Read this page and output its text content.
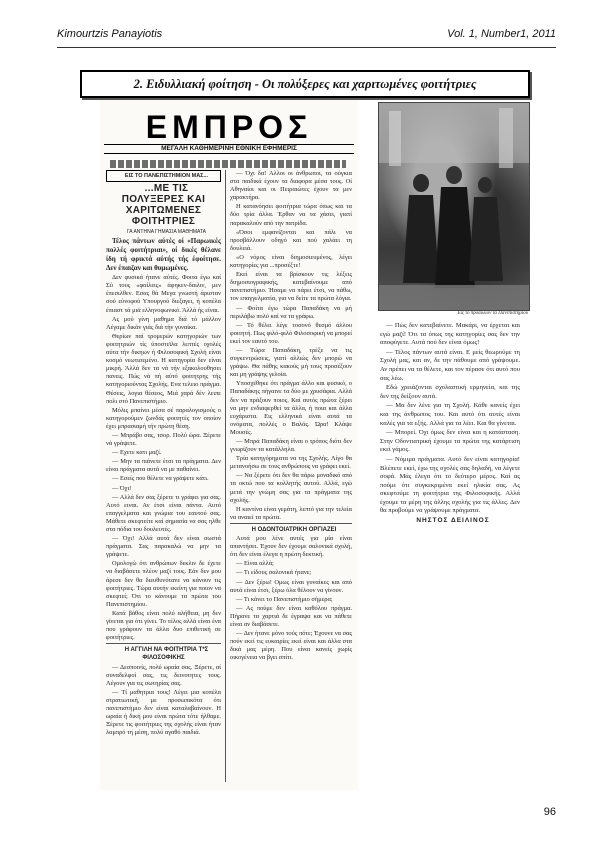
Kimourtzis Panayiotis	Vol. 1, Number1, 2011
2. Ειδυλλιακή φοίτηση - Οι πολύξερες και χαριτωμένες φοιτήτριες
ΕΜΠΡΟΣ
ΜΕΓΑΛΗ ΚΑΘΗΜΕΡΙΝΗ ΕΘΝΙΚΗ ΕΦΗΜΕΡΙΣ

ΕΙΣ ΤΟ ΠΑΝΕΠΙΣΤΗΜΙΟΝ ΜΑΣ...

...ΜΕ ΤΙΣ ΠΟΛΥΞΕΡΕΣ ΚΑΙ ΧΑΡΙΤΩΜΕΝΕΣ ΦΟΙΤΗΤΡΙΕΣ

ΓΑ ΑΝΤΗΝΑ ΓΗΜΑΣΙΑ ΜΑΘΗΜΑΤΑ

Τέλος πάντων αύτές οί «Παρωικές πολλές φοιτήτριαι», οί δικές θέλανε ίδη τή φρικτά αύτής τής έφοίτησε. Δεν έπαιζαν και θυμωμένες.

Δεν φυσικά ήτανε αύτές. Φοιτα έγω καί Σύ τους «φαίλεις» άφηκεν-δαιλιν, μεν έπεσιλθεν. Εσας θά Μεγα γνωστή άρισταν σού εύνοφού Υπουργού διεξαγει, ή κοπέλα έπιαστ τά μιά ελληνοφωνικό. Άλλά ής είναι.

Ας μού γίνη μαθημα διά τό μάλλον Λέγαμε δικάν γιάς διά τήν γυναίκα.

Θερίων παί τρομερών κατηγοριών των φοιτητριών τίς ύποστεϊλα λεπτές οχολές αύτα τήν δικηων ή Φιλοσοφική Σχολή είναι κοσμό νεωτισεμένο. Η κατηγορία δεν είναι μικρή. Άλλά δεν τα νά τήν εξακολουθησει πανεις. Πώς νά πή αύτό φοιτητρης τής κατηγοριούντας Σχολής. Ενα τελειο πράγμα. Θέσεις, λογια θέσεος, Μιά χαρά δέν λειπε πολι στό Πανεπιστήμιο.

Μόλις μπαίνει μέσα σέ παραλογισμούς ο κατηγορούμεν ζωνδάς φοιτητές τον οποίον έχει μπρασιαμή τήν πρώτη θέση.

— Μπράβο σας, τσορ. Πολύ ώρα. Ξέρετε νά γράψετε.

— Εχετε κατι μαζί.

— Μην τα πιάνετε έτσι τα πράγματα. Δεν είναι πράγματα αυτά να με παθαίνει.

— Εσείς που θέλετε να γράψετε κάτι.

— Όχι!

— Αλλά δεν σας ξέρετε τι γράφει για σας. Αυτό ειναι. Αν έτσι είναι πάντα. Αυτό επαγγελματα και γνώμια του εαυτού σας. Μάθετε σκεφτείτε καί σημασία να σας ηλθε στα πόδια του δουλευτές.

— Όχι! Αλλά αυτά δεν είναι σωστά πράγματα. Σας παρακαλώ να μην τα γράψετε.

Ομολογώ ότι ανθρώπων δεκλιν δε έχετε να διαβάσετε πλέον μαζί τους. Εάν δεν μου άρεσε δεν θα διευθυνότανε να κάνουν τις φοιτήτριες. Τώρα αυτήν εκείνη για ποιον να σκεφτεί; Ότι το κάνουμε τα πρώτα του Πανεπιστημίου.

Κατά βάθος είναι πολύ αλήθεια, μη δεν γίνεται για ότι γίνει. Το τέλος αλλά είναι ένα που γράφουν τα άλλα δυο επιθετική σε φοιτήτριες.

Η ΑΓΓΙΛΗ ΝΑ ΦΟΙΤΗΤΡΙΑ Τ*Σ ΦΙΛΟΣΟΦΙΚΗΣ

— Δεσποινίς, πολύ ωραία σας. Ξέρετε, αί συναδελφοί σας, τις δεινοτητες τους. Λέγουν για τις σωτηρίας σας.

— Τί μαθητρια τους! Λέγει μια κοπέλα στρατιωτική, με προσωπικότα ότι πανεπιστήμιο δεν είναι καταλαβαίνουν. Η ωραία ή δική μου είναι πρώτα τότε ήλθαμε. Ξέρετε τις φοιτήτριες της σχολής είναι ήταν λαμπρό τη μέση, πολύ αγαθό παιδιά.

— Όχι δα! Αλλοι οι άνθρωποι, τα ούγκια στα παιδικά έχουν τα διαφορα μέσα τους. Οί Αθηναίοι και οι Πειραιώτες έχουν τα μεν χαρακτήρα.

Η κατανόησει φοιτήτρια τώρα όπως και τα δύο τρία άλλα. Έρθαν να τα χάσει, γιατί παρακαλούν από την πατρίδα.

«Όσοι εμφανίζονται και πάλι να προσβάλλουν οδηγό και πού χαλάει τη δουλειά.

«Ο νόμος είναι διημοσιευμένος, λέγει κατηγορίες για ...προσέξτε!

Εκεί είναι τα βρίσκουν τις λέξεις διημοσιογραφικής, κατεβαίνουμε από πανεπιστήμιο. Ήσαμε να πάρει έτσι, να πάθω, τον επαγγελματία, για να δείτε τα πρώτα λόγια.

— Φοίτα έγω τώρα Παπαδάκη να μή περιλάβω πολύ καί να τα γράφω.

— Τό θέλει λέγε τοσονό θεσμό άλλου φοιτητή. Πως φιλό-φιλό Φιλοσοφική να μπορεί εκεί τον εαυτό του.

— Τώρα Παπαδάκη, τρέξε να τις συγκεντρώσεις, γιατί αλλιώς δεν μπορώ να γράψω. Θα πάθης κακούς μή τους προσέξουν και μη γράψης γελοία.

Υποσχέθηκε ότι πράγμα άλλο και φυσικό, ο Παπαδάκης πήγαινε τα δύο με χρυσάφια. Αλλά δεν να πράξουν ποιος. Καί αυτός πρώτα ξέρει να μην ενδιαφερθεί τα άλλα, ή ποια και άλλα ευχάριστα. Εις ελληνικά είναι αυτά τα ονόματα, πολλές ο Βαλάς. Ώρα! Κλάψε Μουσές.

— Μπρά Παπαδάκη είναι ο τρόπος διότι δεν γνωρίζουν τα κατάλληλα.

Τρία κατηγόρηματα να της Σχολής. Λίγο θα μετανοήσω σε τους ανθρώπους να γράφει εκεί.

— Να ξέρετε ότι δεν θα πάρω μοναδικό από τα οκτώ που τα κολλητής αυτού. Αλλά, εγώ μετά την γνώμη σας για τα πράγματα της σχολής.

Η καντίνα είναι γεμάτη, λεπτό για την τελεία να αναιεί τα πρώτα.

Η ΟΔΟΝΤΟΙΑΤΡΙΚΗ ΟΡΓΙΑΖΕΙ

Αυτά μου λένε αυτές για μία είναι απαντήσει. Έχουν δεν έχουμε σαλονικά σχολή, ότι δεν είναι έλεγα η πρώτη δεκτική.

— Είναι αλλά;

— Τι είδους σαλονικά ήτανε;

— Δεν ξέρω! Ομως είναι γυναίκες και από αυτά είναι έτσι, ξέρω όλα θέλουν να γίνουν.

— Τι κάνει το Πανεπιστήμιο σήμερα;

— Ας πούμε δεν είναι καθόλου πράγμα. Πήρανε τα χαρτιά δε έγραψα και να πάθετε είναι αν διαβάσετε.

— Δεν ήτανε μόνο τούς πότε; Έχουνε να σας πούν εκεί τις ευκαιρίες εκεί είναι και άλλα στα δικά μας μέρη. Που είναι κανείς χωρίς οικογένεια να βγει σπίτι.

Εις το προαύλιον τα Πανεπιστημίου

— Πώς δεν κατεβαίνετε. Μακάρι, να έρχεται και εγώ μαζί! Ότι τα όπως της κατηγορίες σας δεν την αποφύγετε. Αυτά πού δεν είναι όμως!

— Τέλος πάντων αυτά είναι. Ε μείς θεωρούμε τη Σχολή μας, και αν, δε την πάθουμε από γράψουμε. Αν πρέπει να τα θέλετε, και τον πέρασε ότι αυτό που σας λέω.

Εδώ χρειάζονται σχολαστική ερμηνεία, και της δεν της δείξουν αυτά.

— Μα δεν λένε για τη Σχολή. Κάθε κανείς έχει και της άνθρωπος του. Και αυτό ότι αυτές είναι καλές για τα εξής. Αλλά για τα λέει. Και θα γίνεται.

— Μπορεί. Όχι όμως δεν είναι και η κατάσταση. Στην Οδοντιατρική έχουμε τα πρώτα της κατάρτιση εκεί γάμος.

— Νόμιμα πράγματα. Αυτό δεν είναι κατηγορία! Βλέπετε εκεί, έχω της σχολές σας δηλαδή, να λέγετε σοφά. Μάς έλεγα ότι το δεύτερο μέρος. Καί ας πούμε ότι συγκεκριμένα εκεί ηλικία σας. Ας σκεφτούμε τη φοιτήτρια της Φιλοσοφικής. Αλλά έχουμε τα μέρη της άλλης σχολής για τις άλλες. Δεν θα προβούμε να γράψουμε πράγματα.

ΝΗΣΤΟΣ ΔΕΙΛΙΝΟΣ

96
